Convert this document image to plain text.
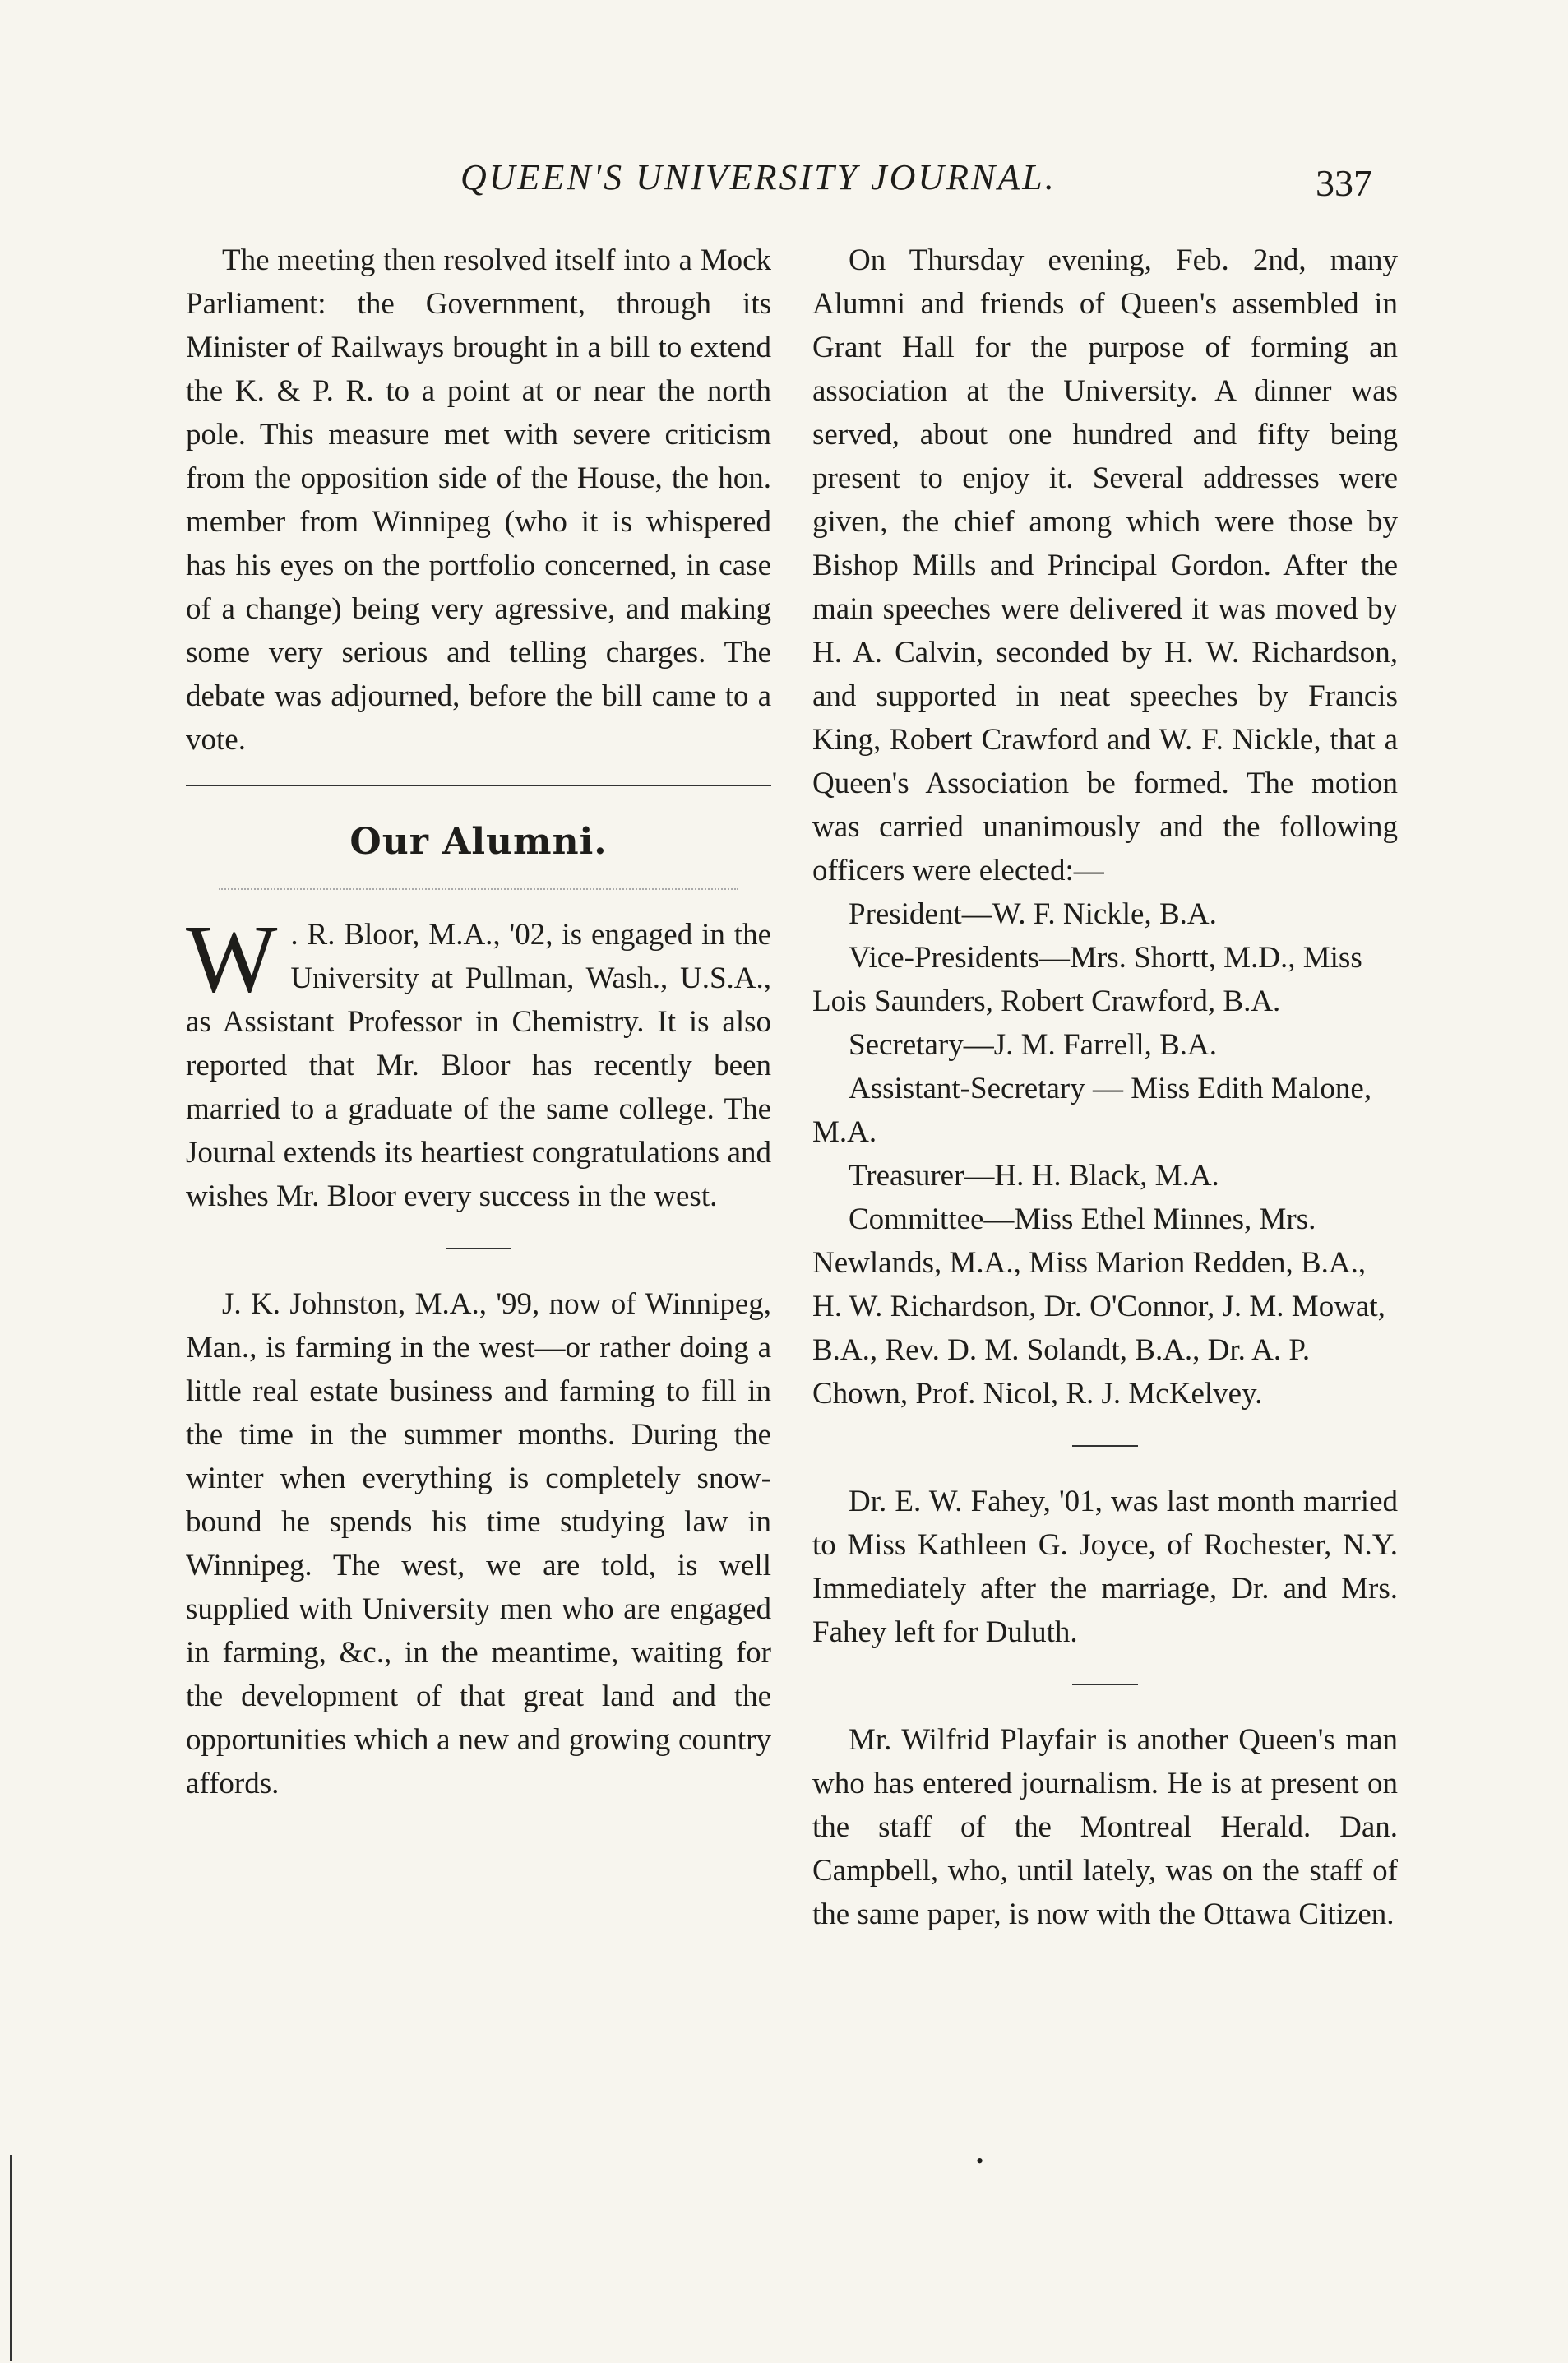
QUEEN'S UNIVERSITY JOURNAL.	337

The meeting then resolved itself into a Mock Parliament: the Government, through its Minister of Railways brought in a bill to extend the K. & P. R. to a point at or near the north pole. This measure met with severe criticism from the opposition side of the House, the hon. member from Winnipeg (who it is whispered has his eyes on the portfolio concerned, in case of a change) being very agressive, and making some very serious and telling charges. The debate was adjourned, before the bill came to a vote.

Our Alumni.

W . R. Bloor, M.A., '02, is engaged in the University at Pullman, Wash., U.S.A., as Assistant Professor in Chemistry. It is also reported that Mr. Bloor has recently been married to a graduate of the same college. The Journal extends its heartiest congratulations and wishes Mr. Bloor every success in the west.

J. K. Johnston, M.A., '99, now of Winnipeg, Man., is farming in the west—or rather doing a little real estate business and farming to fill in the time in the summer months. During the winter when everything is completely snow-bound he spends his time studying law in Winnipeg. The west, we are told, is well supplied with University men who are engaged in farming, &c., in the meantime, waiting for the development of that great land and the opportunities which a new and growing country affords.

On Thursday evening, Feb. 2nd, many Alumni and friends of Queen's assembled in Grant Hall for the purpose of forming an association at the University. A dinner was served, about one hundred and fifty being present to enjoy it. Several addresses were given, the chief among which were those by Bishop Mills and Principal Gordon. After the main speeches were delivered it was moved by H. A. Calvin, seconded by H. W. Richardson, and supported in neat speeches by Francis King, Robert Crawford and W. F. Nickle, that a Queen's Association be formed. The motion was carried unanimously and the following officers were elected:—

President—W. F. Nickle, B.A.

Vice-Presidents—Mrs. Shortt, M.D., Miss Lois Saunders, Robert Crawford, B.A.

Secretary—J. M. Farrell, B.A.

Assistant-Secretary — Miss Edith Malone, M.A.

Treasurer—H. H. Black, M.A.

Committee—Miss Ethel Minnes, Mrs. Newlands, M.A., Miss Marion Redden, B.A., H. W. Richardson, Dr. O'Connor, J. M. Mowat, B.A., Rev. D. M. Solandt, B.A., Dr. A. P. Chown, Prof. Nicol, R. J. McKelvey.

Dr. E. W. Fahey, '01, was last month married to Miss Kathleen G. Joyce, of Rochester, N.Y. Immediately after the marriage, Dr. and Mrs. Fahey left for Duluth.

Mr. Wilfrid Playfair is another Queen's man who has entered journalism. He is at present on the staff of the Montreal Herald. Dan. Campbell, who, until lately, was on the staff of the same paper, is now with the Ottawa Citizen.

•
